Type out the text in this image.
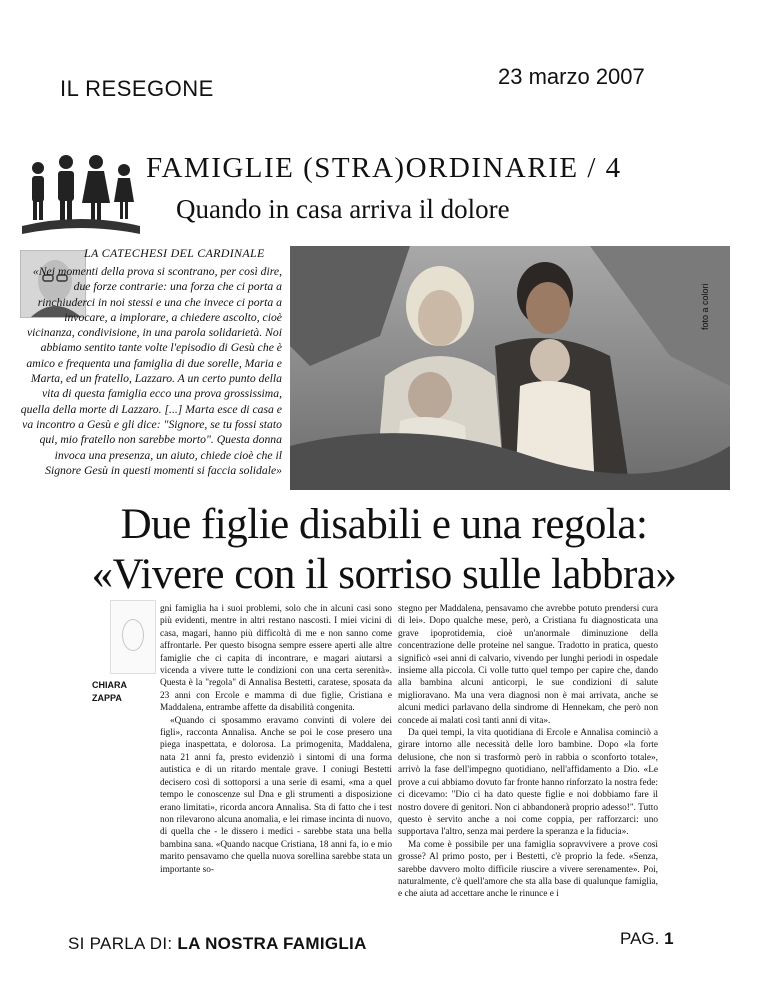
IL RESEGONE	23 marzo 2007
FAMIGLIE (STRA)ORDINARIE / 4
Quando in casa arriva il dolore
foto a colori
LA CATECHESI DEL CARDINALE
«Nei momenti della prova si scontrano, per così dire, due forze contrarie: una forza che ci porta a rinchiuderci in noi stessi e una che invece ci porta a invocare, a implorare, a chiedere ascolto, cioè vicinanza, condivisione, in una parola solidarietà. Noi abbiamo sentito tante volte l'episodio di Gesù che è amico e frequenta una famiglia di due sorelle, Maria e Marta, ed un fratello, Lazzaro. A un certo punto della vita di questa famiglia ecco una prova grossissima, quella della morte di Lazzaro. [...] Marta esce di casa e va incontro a Gesù e gli dice: "Signore, se tu fossi stato qui, mio fratello non sarebbe morto". Questa donna invoca una presenza, un aiuto, chiede cioè che il Signore Gesù in questi momenti si faccia solidale»
Due figlie disabili e una regola:
«Vivere con il sorriso sulle labbra»
CHIARA
ZAPPA

gni famiglia ha i suoi problemi, solo che in alcuni casi sono più evidenti, mentre in altri restano nascosti. I miei vicini di casa, magari, hanno più difficoltà di me e non sanno come affrontarle. Per questo bisogna sempre essere aperti alle altre famiglie che ci capita di incontrare, e magari aiutarsi a vicenda a vivere tutte le condizioni con una certa serenità». Questa è la "regola" di Annalisa Bestetti, caratese, sposata da 23 anni con Ercole e mamma di due figlie, Cristiana e Maddalena, entrambe affette da disabilità congenita.

«Quando ci sposammo eravamo convinti di volere dei figli», racconta Annalisa. Anche se poi le cose presero una piega inaspettata, e dolorosa. La primogenita, Maddalena, nata 21 anni fa, presto evidenziò i sintomi di una forma autistica e di un ritardo mentale grave. I coniugi Bestetti decisero così di sottoporsi a una serie di esami, «ma a quel tempo le conoscenze sul Dna e gli strumenti a disposizione erano limitati», ricorda ancora Annalisa. Sta di fatto che i test non rilevarono alcuna anomalia, e lei rimase incinta di nuovo, di quella che - le dissero i medici - sarebbe stata una bella bambina sana. «Quando nacque Cristiana, 18 anni fa, io e mio marito pensavamo che quella nuova sorellina sarebbe stata un importante so-

stegno per Maddalena, pensavamo che avrebbe potuto prendersi cura di lei». Dopo qualche mese, però, a Cristiana fu diagnosticata una grave ipoprotidemia, cioè un'anormale diminuzione della concentrazione delle proteine nel sangue. Tradotto in pratica, questo significò «sei anni di calvario, vivendo per lunghi periodi in ospedale insieme alla piccola. Ci volle tutto quel tempo per capire che, dando alla bambina alcuni anticorpi, le sue condizioni di salute miglioravano. Ma una vera diagnosi non è mai arrivata, anche se alcuni medici parlavano della sindrome di Hennekam, che però non concede ai malati così tanti anni di vita».

Da quei tempi, la vita quotidiana di Ercole e Annalisa cominciò a girare intorno alle necessità delle loro bambine. Dopo «la forte delusione, che non si trasformò però in rabbia o sconforto totale», arrivò la fase dell'impegno quotidiano, nell'affidamento a Dio. «Le prove a cui abbiamo dovuto far fronte hanno rinforzato la nostra fede: ci dicevamo: "Dio ci ha dato queste figlie e noi dobbiamo fare il nostro dovere di genitori. Non ci abbandonerà proprio adesso!". Tutto questo è servito anche a noi come coppia, per rafforzarci: uno supportava l'altro, senza mai perdere la speranza e la fiducia».

Ma come è possibile per una famiglia sopravvivere a prove così grosse? Al primo posto, per i Bestetti, c'è proprio la fede. «Senza, sarebbe davvero molto difficile riuscire a vivere serenamente». Poi, naturalmente, c'è quell'amore che sta alla base di qualunque famiglia, e che aiuta ad accettare anche le rinunce e i

SI PARLA DI: LA NOSTRA FAMIGLIA	PAG. 1
